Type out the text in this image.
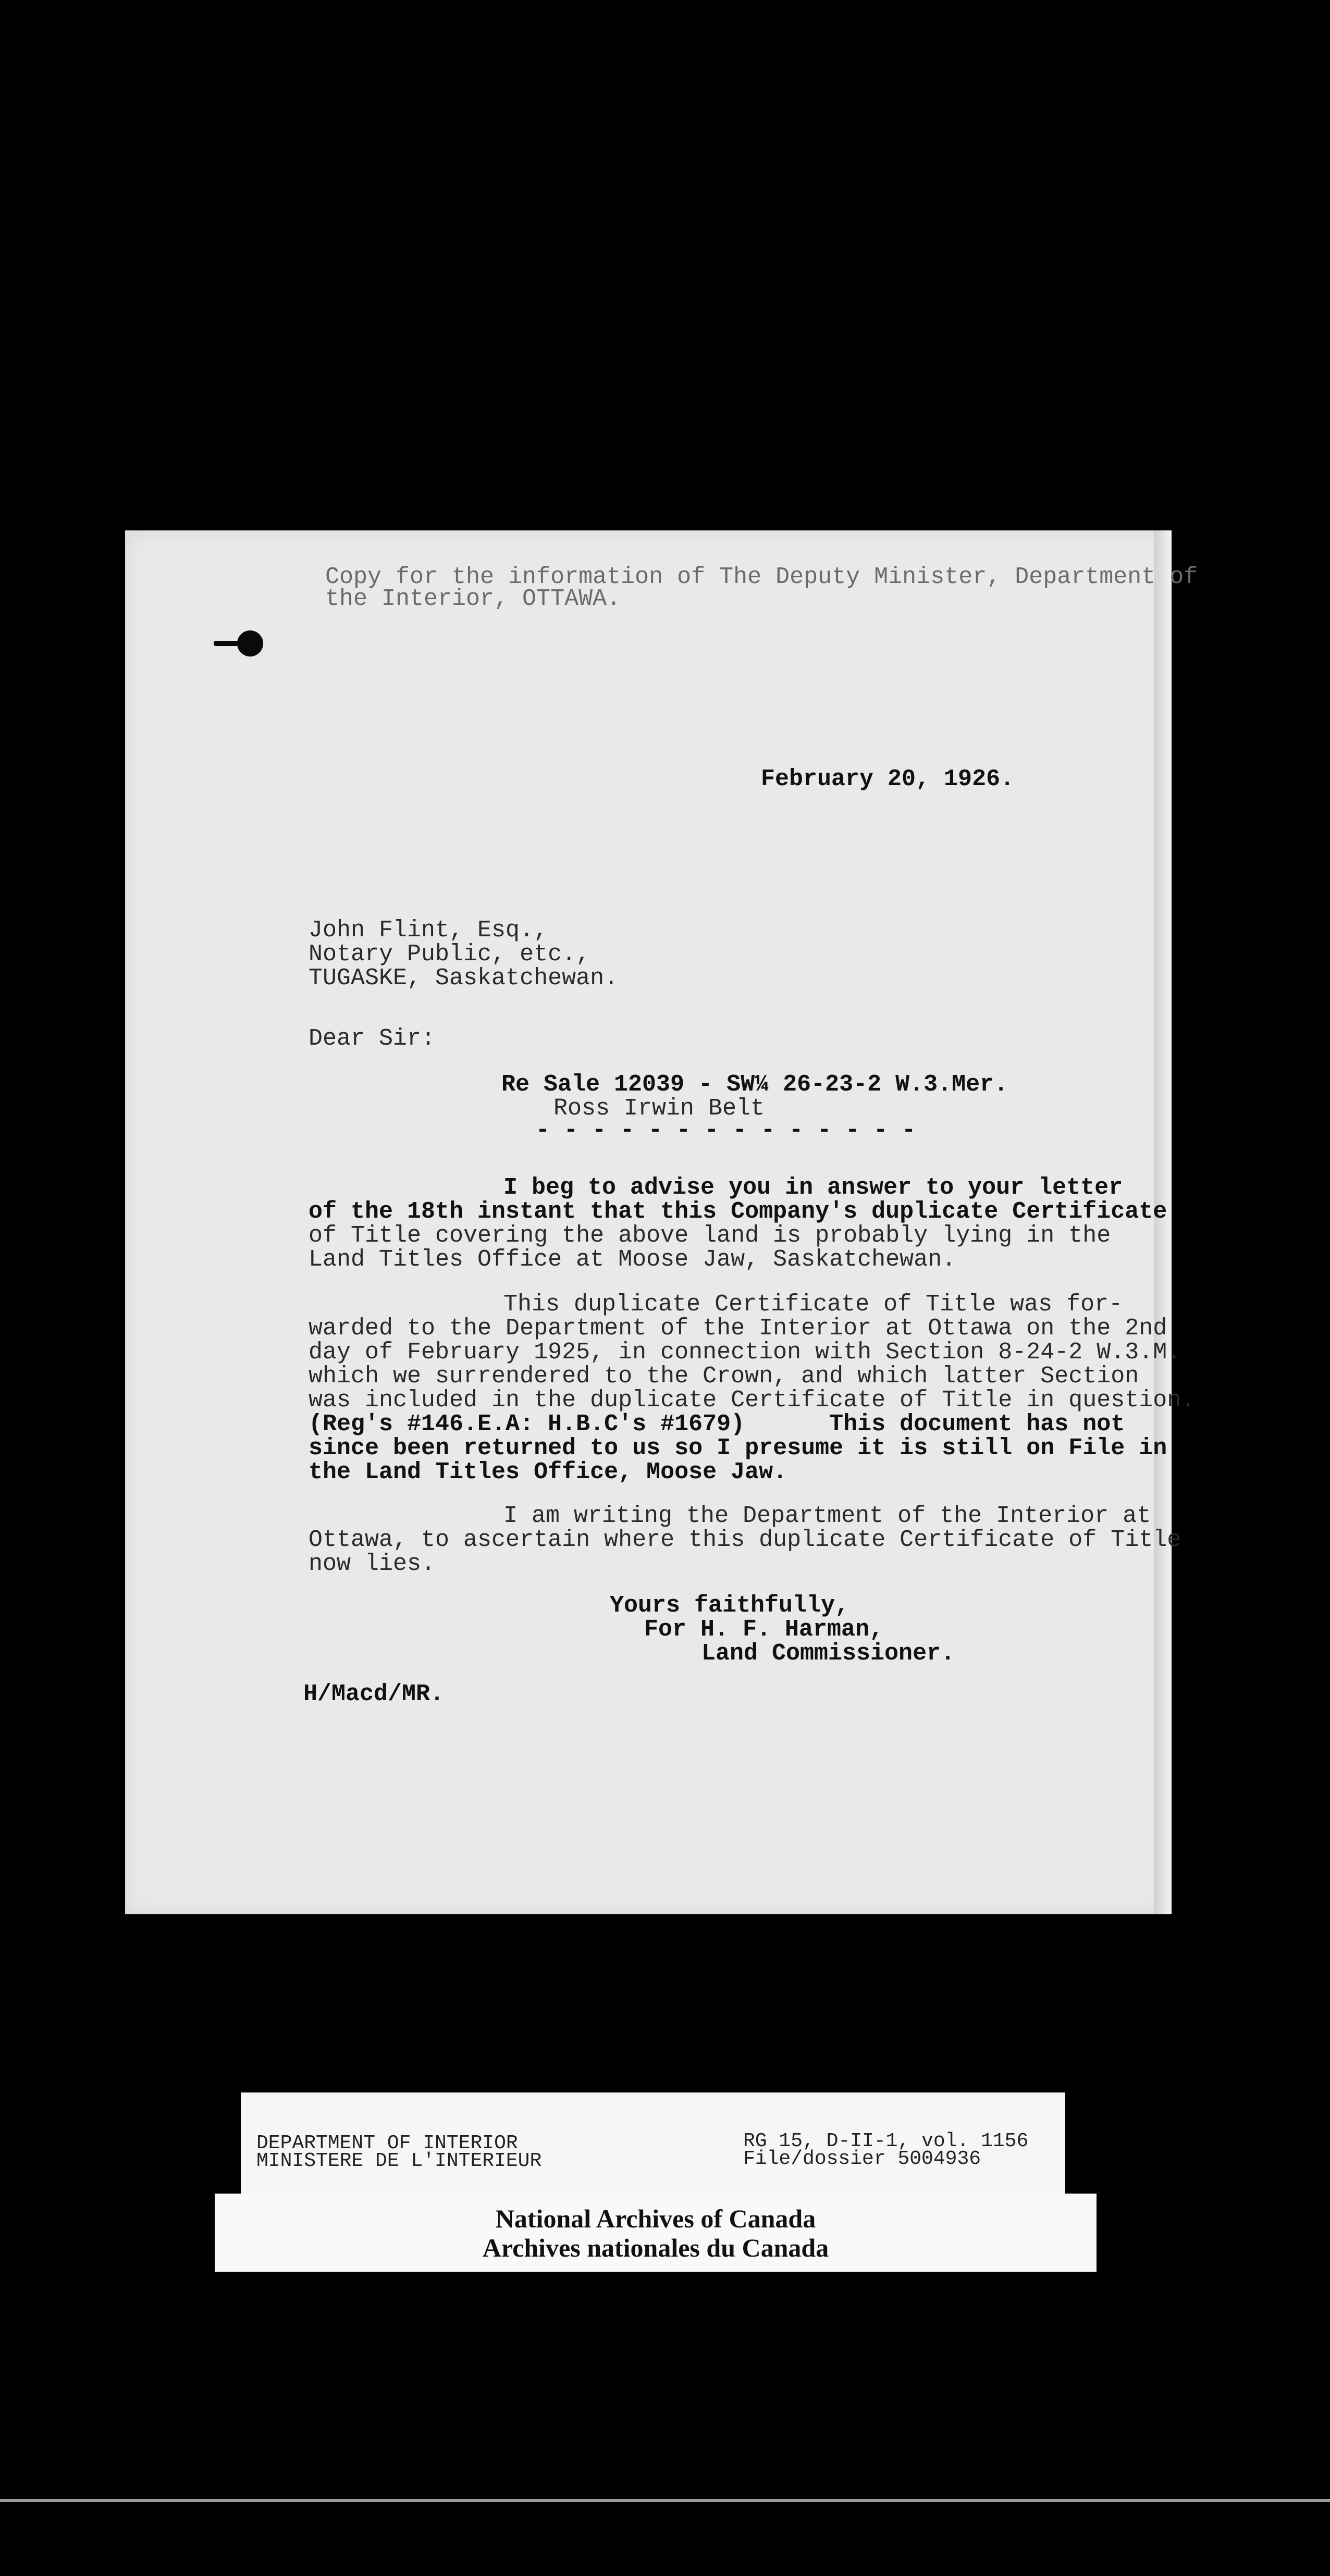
Copy for the information of The Deputy Minister, Department of

the Interior, OTTAWA.

February 20, 1926.

John Flint, Esq.,

Notary Public, etc.,

TUGASKE, Saskatchewan.

Dear Sir:

Re Sale 12039 - SW¼ 26-23-2 W.3.Mer.

Ross Irwin Belt

- - - - - - - - - - - - - -

I beg to advise you in answer to your letter

of the 18th instant that this Company's duplicate Certificate

of Title covering the above land is probably lying in the

Land Titles Office at Moose Jaw, Saskatchewan.

This duplicate Certificate of Title was for-

warded to the Department of the Interior at Ottawa on the 2nd

day of February 1925, in connection with Section 8-24-2 W.3.M.

which we surrendered to the Crown, and which latter Section

was included in the duplicate Certificate of Title in question.

(Reg's #146.E.A: H.B.C's #1679)      This document has not

since been returned to us so I presume it is still on File in

the Land Titles Office, Moose Jaw.

I am writing the Department of the Interior at

Ottawa, to ascertain where this duplicate Certificate of Title

now lies.

Yours faithfully,

For H. F. Harman,

Land Commissioner.

H/Macd/MR.

DEPARTMENT OF INTERIOR

MINISTERE DE L'INTERIEUR

RG 15, D-II-1, vol. 1156

File/dossier 5004936

National Archives of Canada
Archives nationales du Canada
